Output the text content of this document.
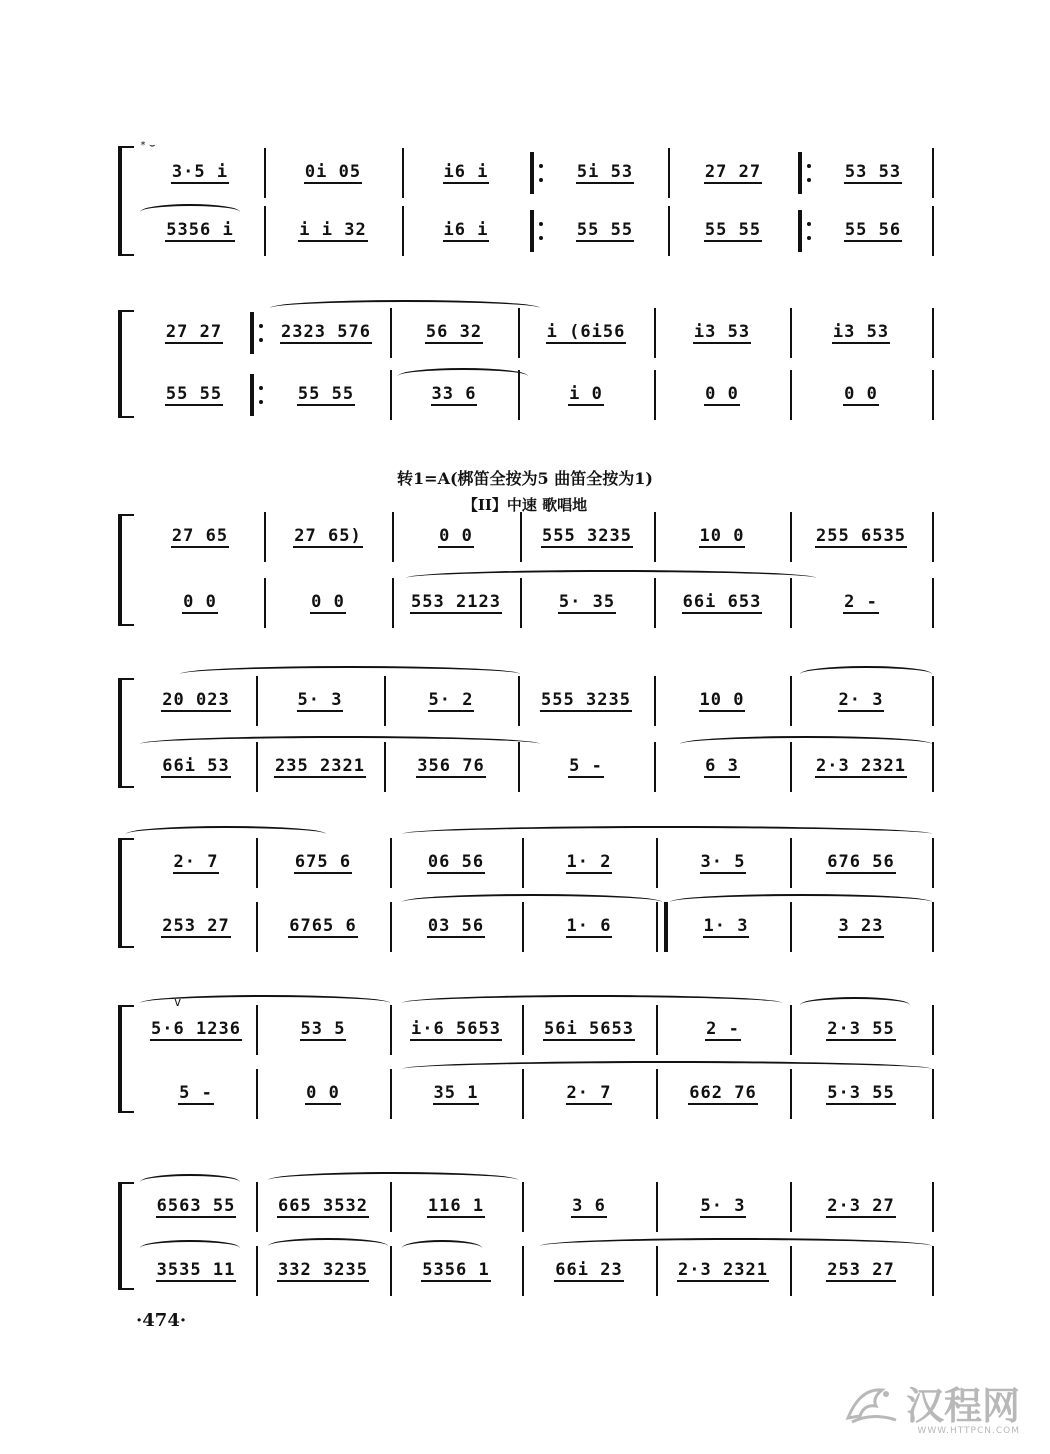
*⌣
3·5 i	0i 05	i6 i	5i 53	27 27	53 53
5356 i	i i 32	i6 i	55 55	55 55	55 56
27 27	2323 576	56 32	i (6i56	i3 53	i3 53
55 55	55 55	33 6	i 0	0 0	0 0
转1=A(梆笛全按为5 曲笛全按为1)
【II】中速 歌唱地
27 65	27 65)	0 0	555 3235	10 0	255 6535
0 0	0 0	553 2123	5· 35	66i 653	2 -
20 023	5· 3	5· 2	555 3235	10 0	2· 3
66i 53	235 2321	356 76	5 -	6 3	2·3 2321
2· 7	675 6	06 56	1· 2	3· 5	676 56
253 27	6765 6	03 56	1· 6	1· 3	3 23
v
5·6 1236	53 5	i·6 5653	56i 5653	2 -	2·3 55
5 -	0 0	35 1	2· 7	662 76	5·3 55
6563 55	665 3532	116 1	3 6	5· 3	2·3 27
3535 11	332 3235	5356 1	66i 23	2·3 2321	253 27
·474·
汉程网
WWW.HTTPCN.COM
